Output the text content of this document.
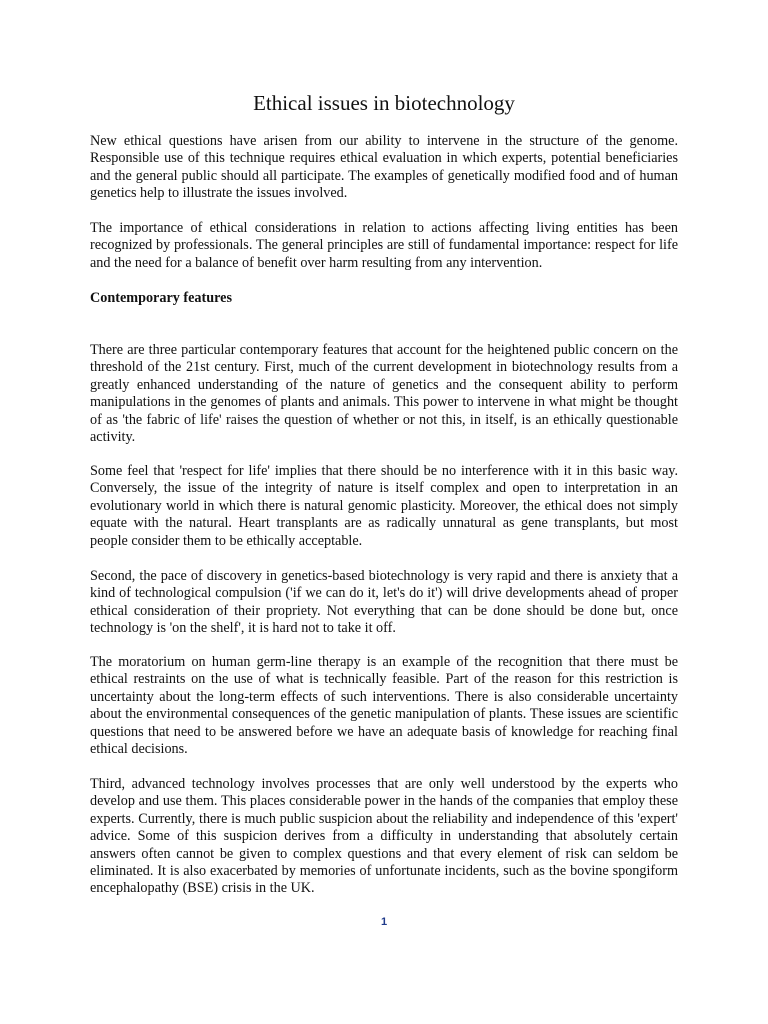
Ethical issues in biotechnology

New ethical questions have arisen from our ability to intervene in the structure of the genome. Responsible use of this technique requires ethical evaluation in which experts, potential beneficiaries and the general public should all participate. The examples of genetically modified food and of human genetics help to illustrate the issues involved.

The importance of ethical considerations in relation to actions affecting living entities has been recognized by professionals. The general principles are still of fundamental importance: respect for life and the need for a balance of benefit over harm resulting from any intervention.

Contemporary features

There are three particular contemporary features that account for the heightened public concern on the threshold of the 21st century. First, much of the current development in biotechnology results from a greatly enhanced understanding of the nature of genetics and the consequent ability to perform manipulations in the genomes of plants and animals. This power to intervene in what might be thought of as 'the fabric of life' raises the question of whether or not this, in itself, is an ethically questionable activity.

Some feel that 'respect for life' implies that there should be no interference with it in this basic way. Conversely, the issue of the integrity of nature is itself complex and open to interpretation in an evolutionary world in which there is natural genomic plasticity. Moreover, the ethical does not simply equate with the natural. Heart transplants are as radically unnatural as gene transplants, but most people consider them to be ethically acceptable.

Second, the pace of discovery in genetics-based biotechnology is very rapid and there is anxiety that a kind of technological compulsion ('if we can do it, let's do it') will drive developments ahead of proper ethical consideration of their propriety. Not everything that can be done should be done but, once technology is 'on the shelf', it is hard not to take it off.

The moratorium on human germ-line therapy is an example of the recognition that there must be ethical restraints on the use of what is technically feasible. Part of the reason for this restriction is uncertainty about the long-term effects of such interventions. There is also considerable uncertainty about the environmental consequences of the genetic manipulation of plants. These issues are scientific questions that need to be answered before we have an adequate basis of knowledge for reaching final ethical decisions.

Third, advanced technology involves processes that are only well understood by the experts who develop and use them. This places considerable power in the hands of the companies that employ these experts. Currently, there is much public suspicion about the reliability and independence of this 'expert' advice. Some of this suspicion derives from a difficulty in understanding that absolutely certain answers often cannot be given to complex questions and that every element of risk can seldom be eliminated. It is also exacerbated by memories of unfortunate incidents, such as the bovine spongiform encephalopathy (BSE) crisis in the UK.

1
